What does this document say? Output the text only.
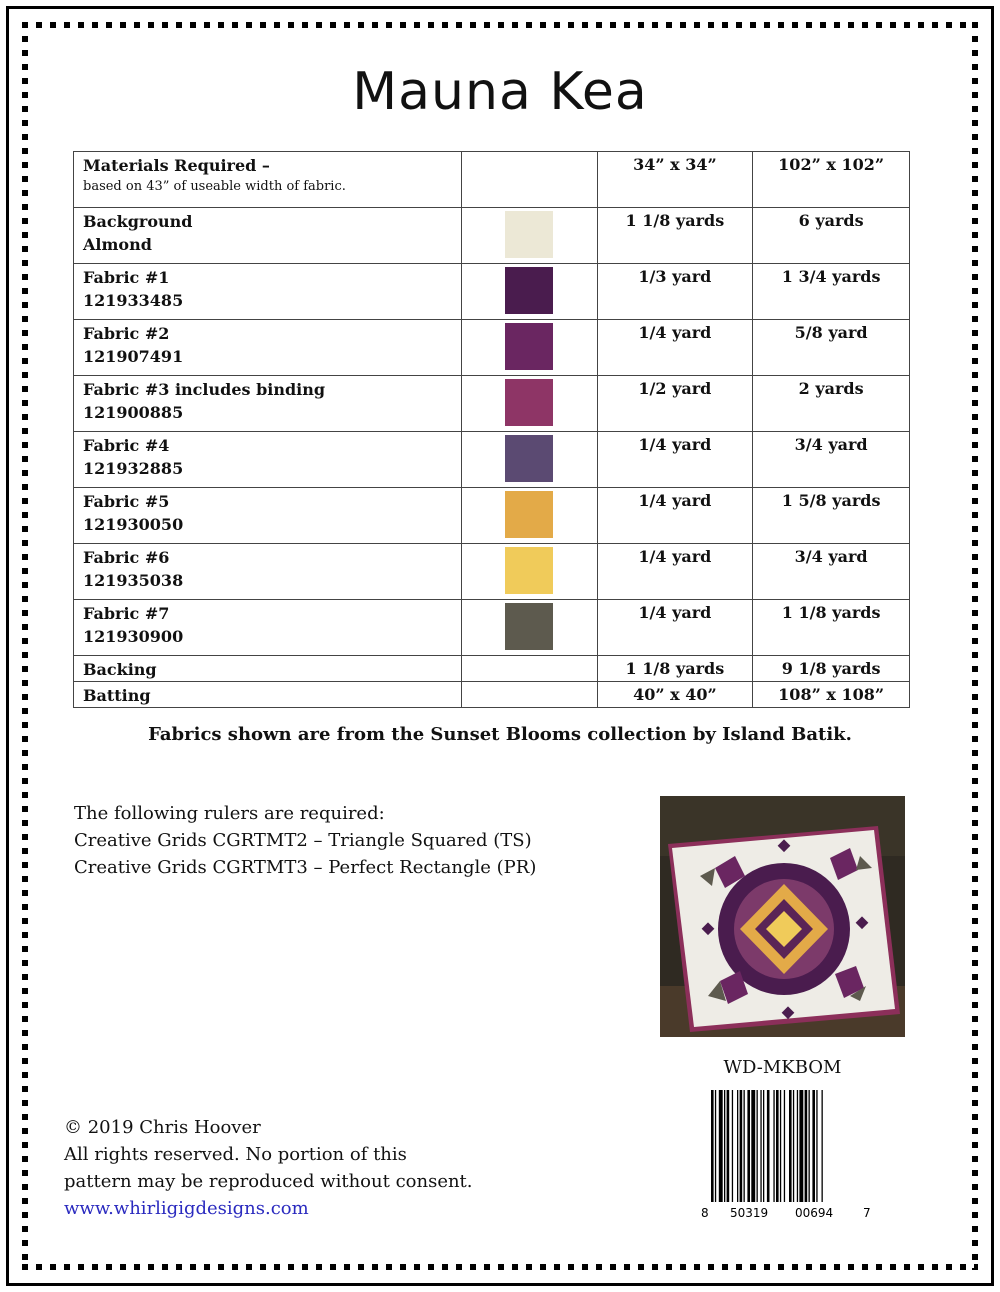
Mauna Kea
Materials Required –
based on 43” of useable width of fabric.		34” x 34”	102” x 102”

Background
Almond		1 1/8 yards	6 yards

Fabric #1
121933485		1/3 yard	1 3/4 yards

Fabric #2
121907491		1/4 yard	5/8 yard

Fabric #3 includes binding
121900885		1/2 yard	2 yards

Fabric #4
121932885		1/4 yard	3/4 yard

Fabric #5
121930050		1/4 yard	1 5/8 yards

Fabric #6
121935038		1/4 yard	3/4 yard

Fabric #7
121930900		1/4 yard	1 1/8 yards

Backing		1 1/8 yards	9 1/8 yards

Batting		40” x 40”	108” x 108”
Fabrics shown are from the Sunset Blooms collection by Island Batik.
The following rulers are required:
Creative Grids CGRTMT2 – Triangle Squared (TS)
Creative Grids CGRTMT3 – Perfect Rectangle (PR)
WD-MKBOM
8 50319 00694 7
© 2019 Chris Hoover
All rights reserved. No portion of this
pattern may be reproduced without consent.
www.whirligigdesigns.com
